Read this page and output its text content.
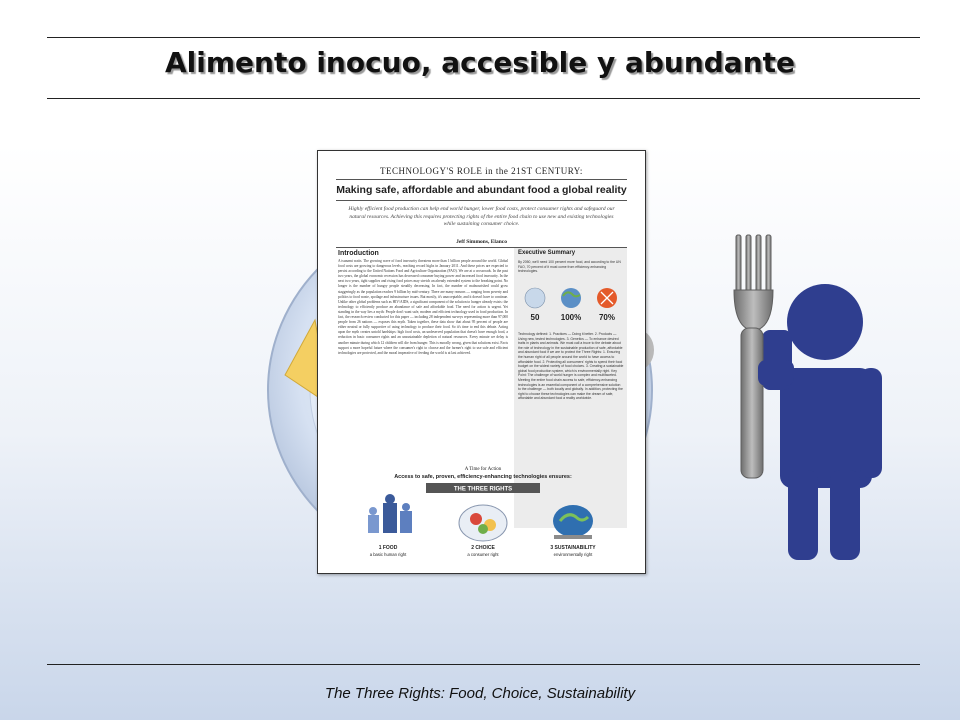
Alimento inocuo, accesible y abundante
TECHNOLOGY'S ROLE in the 21ST CENTURY:
Making safe, affordable and abundant food a global reality
Highly efficient food production can help end world hunger, lower food costs, protect consumer rights and safeguard our natural resources. Achieving this requires protecting rights of the entire food chain to use new and existing technologies while sustaining consumer choice.
Jeff Simmons, Elanco
Introduction
A tsunami waits. The growing wave of food insecurity threatens more than 1 billion people around the world. Global food costs are growing to dangerous levels, reaching record highs in January 2011. And these prices are expected to persist according to the United Nations Food and Agriculture Organization (FAO). We are at a crossroads. In the past two years, the global economic recession has decreased consumer buying power and increased food insecurity. In the next two years, tight supplies and rising food prices may stretch an already extended system to the breaking point. No longer is the number of hungry people steadily decreasing. In fact, the number of malnourished could grow staggeringly as the population reaches 9 billion by mid-century. There are many reasons — ranging from poverty and politics to food waste, spoilage and infrastructure issues. But mostly, it's unacceptable, and it doesn't have to continue. Unlike other global problems such as HIV/AIDS, a significant component of the solution to hunger already exists: the technology to efficiently produce an abundance of safe and affordable food. The need for action is urgent. Yet standing in the way lies a myth: People don't want safe, modern and efficient technology used in food production. In fact, the research review conducted for this paper — including 28 independent surveys representing more than 97,000 people from 26 nations — exposes this myth. Taken together, these data show that about 95 percent of people are either neutral or fully supportive of using technology to produce their food. So it's time to end this debate. Acting upon the myth creates untold hardships: high food costs, an undeserved population that doesn't have enough food, a reduction in basic consumer rights and an unsustainable depletion of natural resources. Every minute we delay is another minute during which 12 children will die from hunger. This is morally wrong, given that solutions exist. Facts support a more hopeful future where the consumer's right to choose and the farmer's right to use safe and efficient technologies are protected, and the moral imperative of feeding the world is at last achieved.
Executive Summary
By 2050, we'll need 100 percent more food, and according to the UN FAO, 70 percent of it must come from efficiency-enhancing technologies.
50	100% 70%
Technology defined: 1. Practices — Doing it better. 2. Products — Using new, tested technologies. 3. Genetics — To enhance desired traits in plants and animals. We must call a truce to the debate about the role of technology in the sustainable production of safe, affordable and abundant food if we are to protect the Three Rights: 1. Ensuring the human right of all people around the world to have access to affordable food. 2. Protecting all consumers' rights to spend their food budget on the widest variety of food choices. 3. Creating a sustainable global food production system, which is environmentally right. Key Point: The challenge of world hunger is complex and multifaceted. Meeting the entire food chain access to safe, efficiency-enhancing technologies is an essential component of a comprehensive solution to the challenge — both locally and globally. In addition, protecting the right to choose these technologies can make the dream of safe, affordable and abundant food a reality worldwide.
A Time for Action
Access to safe, proven, efficiency-enhancing technologies ensures:
THE THREE RIGHTS
1 FOOD
a basic human right
2 CHOICE
a consumer right
3 SUSTAINABILITY
environmentally right
The Three Rights: Food, Choice, Sustainability
